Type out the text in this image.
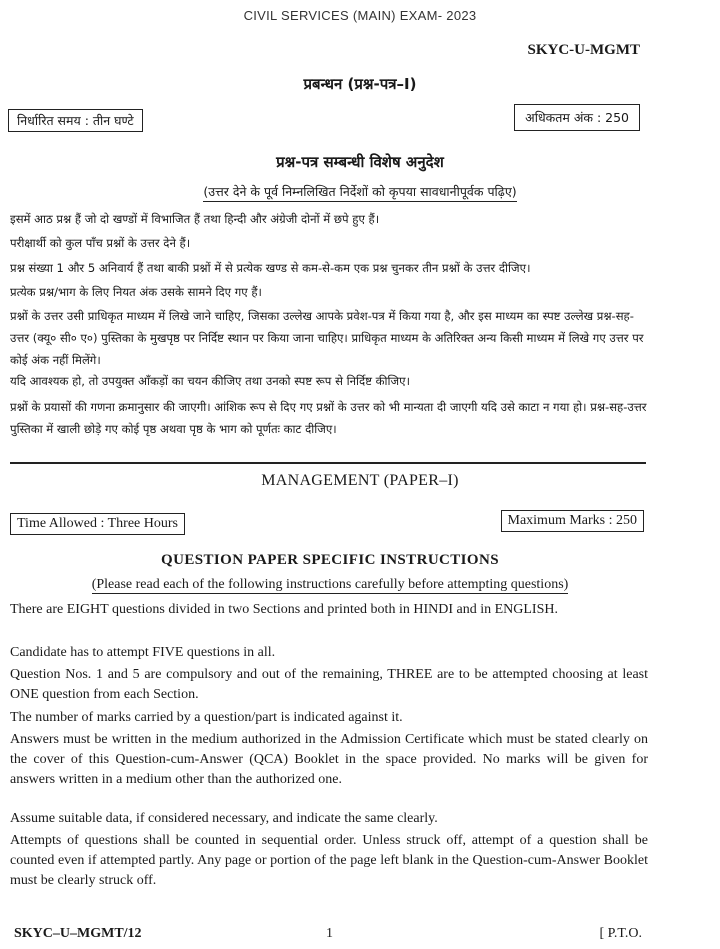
CIVIL SERVICES (MAIN) EXAM- 2023
SKYC-U-MGMT
प्रबन्धन (प्रश्न-पत्र–I)
निर्धारित समय : तीन घण्टे	अधिकतम अंक : 250
प्रश्न-पत्र सम्बन्धी विशेष अनुदेश
(उत्तर देने के पूर्व निम्नलिखित निर्देशों को कृपया सावधानीपूर्वक पढ़िए)
इसमें आठ प्रश्न हैं जो दो खण्डों में विभाजित हैं तथा हिन्दी और अंग्रेजी दोनों में छपे हुए हैं।
परीक्षार्थी को कुल पाँच प्रश्नों के उत्तर देने हैं।
प्रश्न संख्या 1 और 5 अनिवार्य हैं तथा बाकी प्रश्नों में से प्रत्येक खण्ड से कम-से-कम एक प्रश्न चुनकर तीन प्रश्नों के उत्तर दीजिए।
प्रत्येक प्रश्न/भाग के लिए नियत अंक उसके सामने दिए गए हैं।
प्रश्नों के उत्तर उसी प्राधिकृत माध्यम में लिखे जाने चाहिए, जिसका उल्लेख आपके प्रवेश-पत्र में किया गया है, और इस माध्यम का स्पष्ट उल्लेख प्रश्न-सह-उत्तर (क्यू० सी० ए०) पुस्तिका के मुखपृष्ठ पर निर्दिष्ट स्थान पर किया जाना चाहिए। प्राधिकृत माध्यम के अतिरिक्त अन्य किसी माध्यम में लिखे गए उत्तर पर कोई अंक नहीं मिलेंगे।
यदि आवश्यक हो, तो उपयुक्त आँकड़ों का चयन कीजिए तथा उनको स्पष्ट रूप से निर्दिष्ट कीजिए।
प्रश्नों के प्रयासों की गणना क्रमानुसार की जाएगी। आंशिक रूप से दिए गए प्रश्नों के उत्तर को भी मान्यता दी जाएगी यदि उसे काटा न गया हो। प्रश्न-सह-उत्तर पुस्तिका में खाली छोड़े गए कोई पृष्ठ अथवा पृष्ठ के भाग को पूर्णतः काट दीजिए।
MANAGEMENT (PAPER–I)
Time Allowed : Three Hours	Maximum Marks : 250
QUESTION PAPER SPECIFIC INSTRUCTIONS
(Please read each of the following instructions carefully before attempting questions)
There are EIGHT questions divided in two Sections and printed both in HINDI and in ENGLISH.
Candidate has to attempt FIVE questions in all.
Question Nos. 1 and 5 are compulsory and out of the remaining, THREE are to be attempted choosing at least ONE question from each Section.
The number of marks carried by a question/part is indicated against it.
Answers must be written in the medium authorized in the Admission Certificate which must be stated clearly on the cover of this Question-cum-Answer (QCA) Booklet in the space provided. No marks will be given for answers written in a medium other than the authorized one.
Assume suitable data, if considered necessary, and indicate the same clearly.
Attempts of questions shall be counted in sequential order. Unless struck off, attempt of a question shall be counted even if attempted partly. Any page or portion of the page left blank in the Question-cum-Answer Booklet must be clearly struck off.
SKYC–U–MGMT/12	1	[ P.T.O.
